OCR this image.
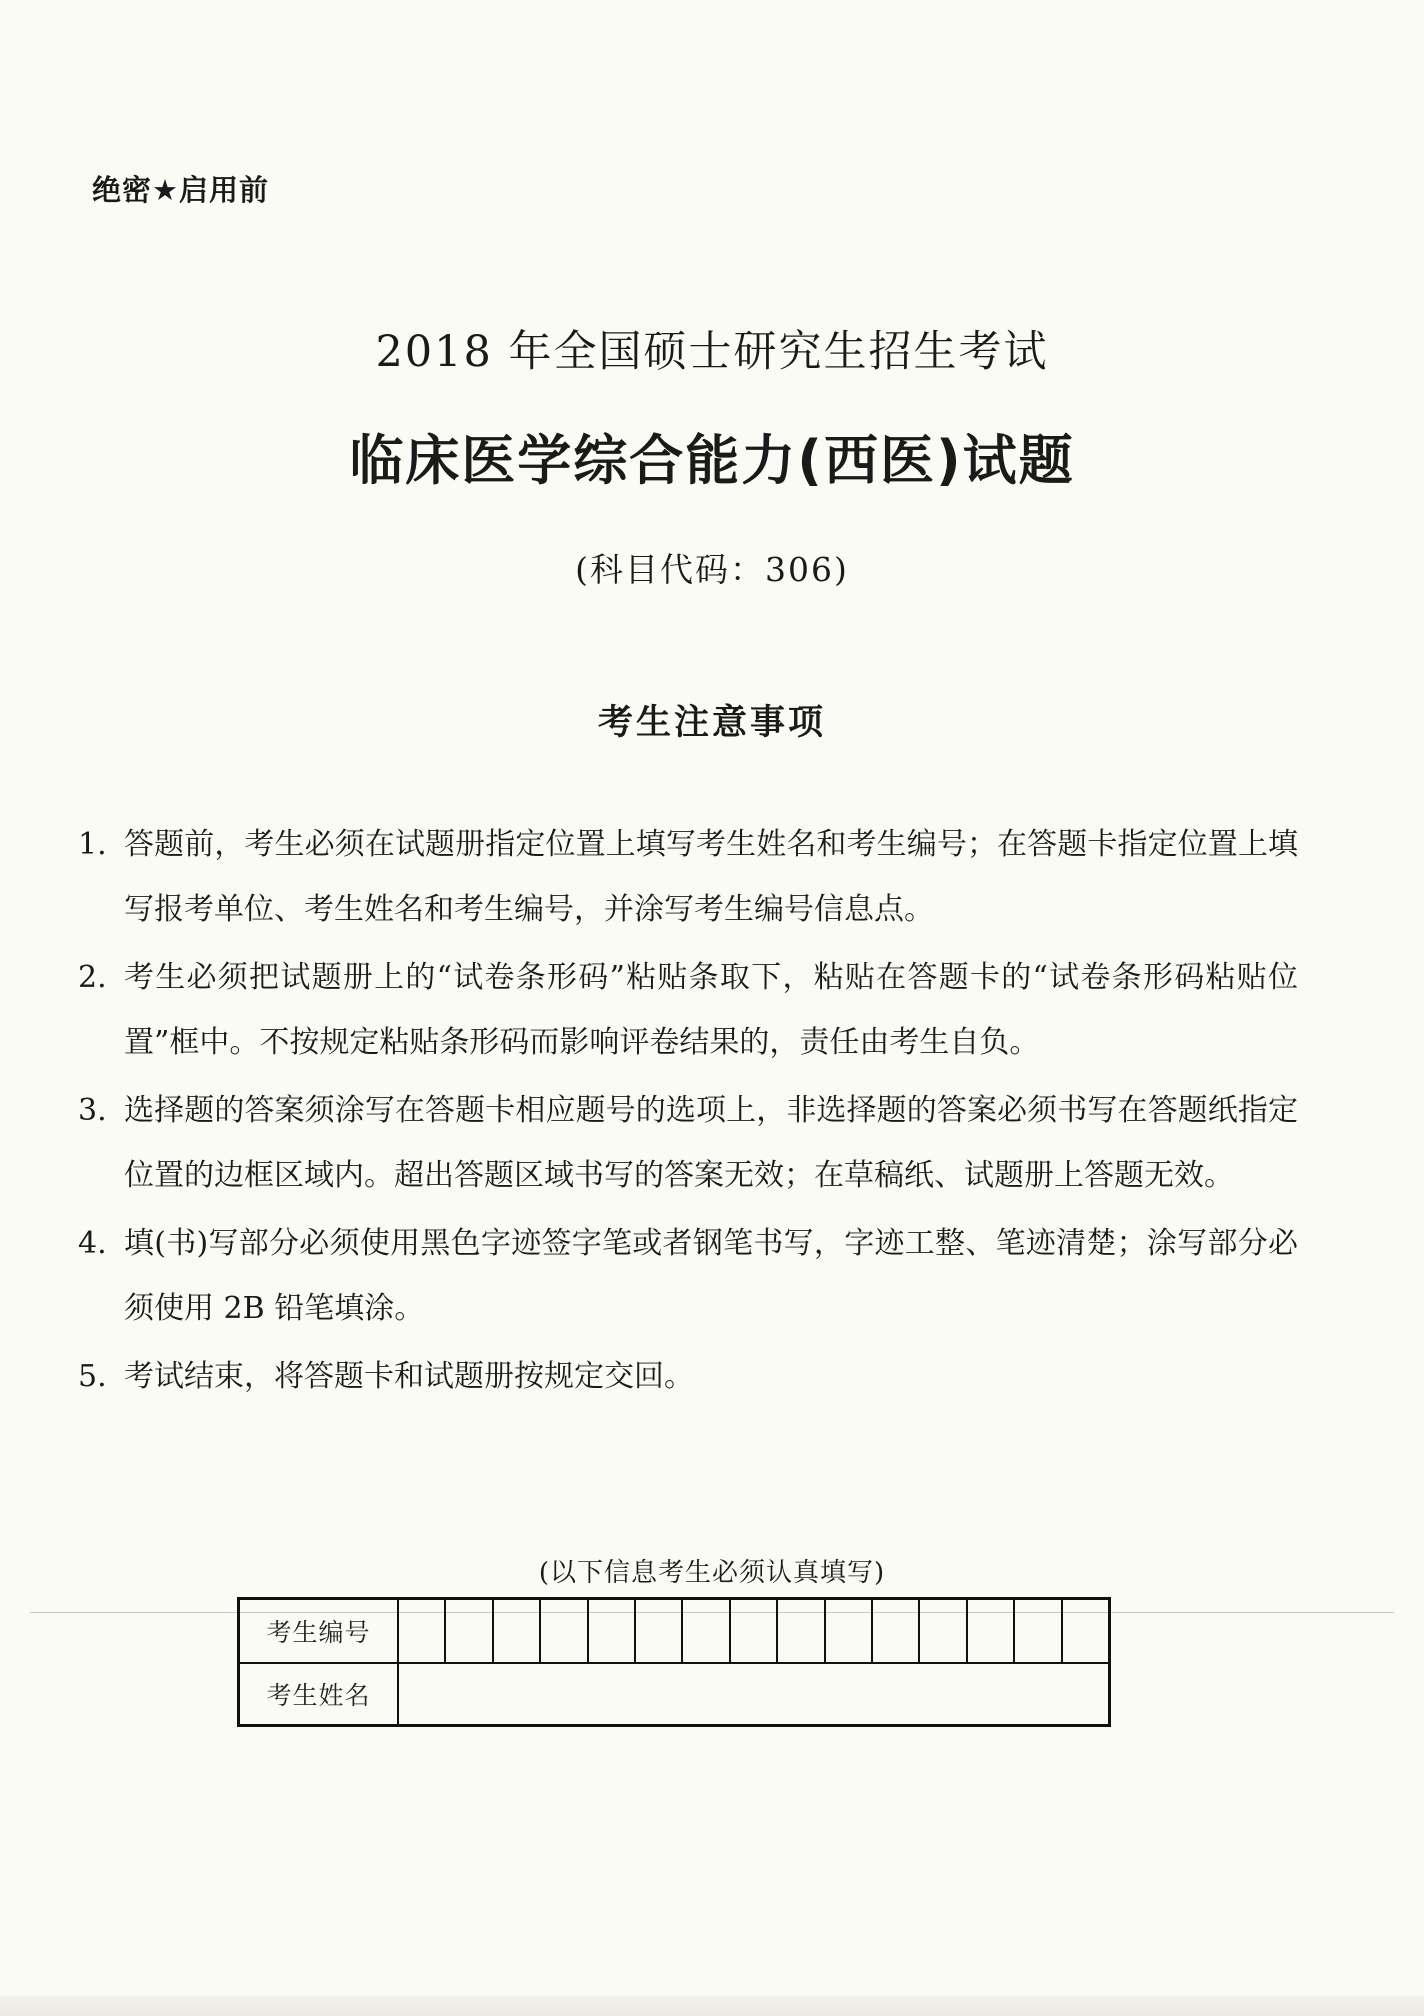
绝密★启用前
2018 年全国硕士研究生招生考试
临床医学综合能力(西医)试题
(科目代码：306)
考生注意事项
1. 答题前，考生必须在试题册指定位置上填写考生姓名和考生编号；在答题卡指定位置上填写报考单位、考生姓名和考生编号，并涂写考生编号信息点。
2. 考生必须把试题册上的“试卷条形码”粘贴条取下，粘贴在答题卡的“试卷条形码粘贴位置”框中。不按规定粘贴条形码而影响评卷结果的，责任由考生自负。
3. 选择题的答案须涂写在答题卡相应题号的选项上，非选择题的答案必须书写在答题纸指定位置的边框区域内。超出答题区域书写的答案无效；在草稿纸、试题册上答题无效。
4. 填(书)写部分必须使用黑色字迹签字笔或者钢笔书写，字迹工整、笔迹清楚；涂写部分必须使用 2B 铅笔填涂。
5. 考试结束，将答题卡和试题册按规定交回。
(以下信息考生必须认真填写)
考生编号
考生姓名
